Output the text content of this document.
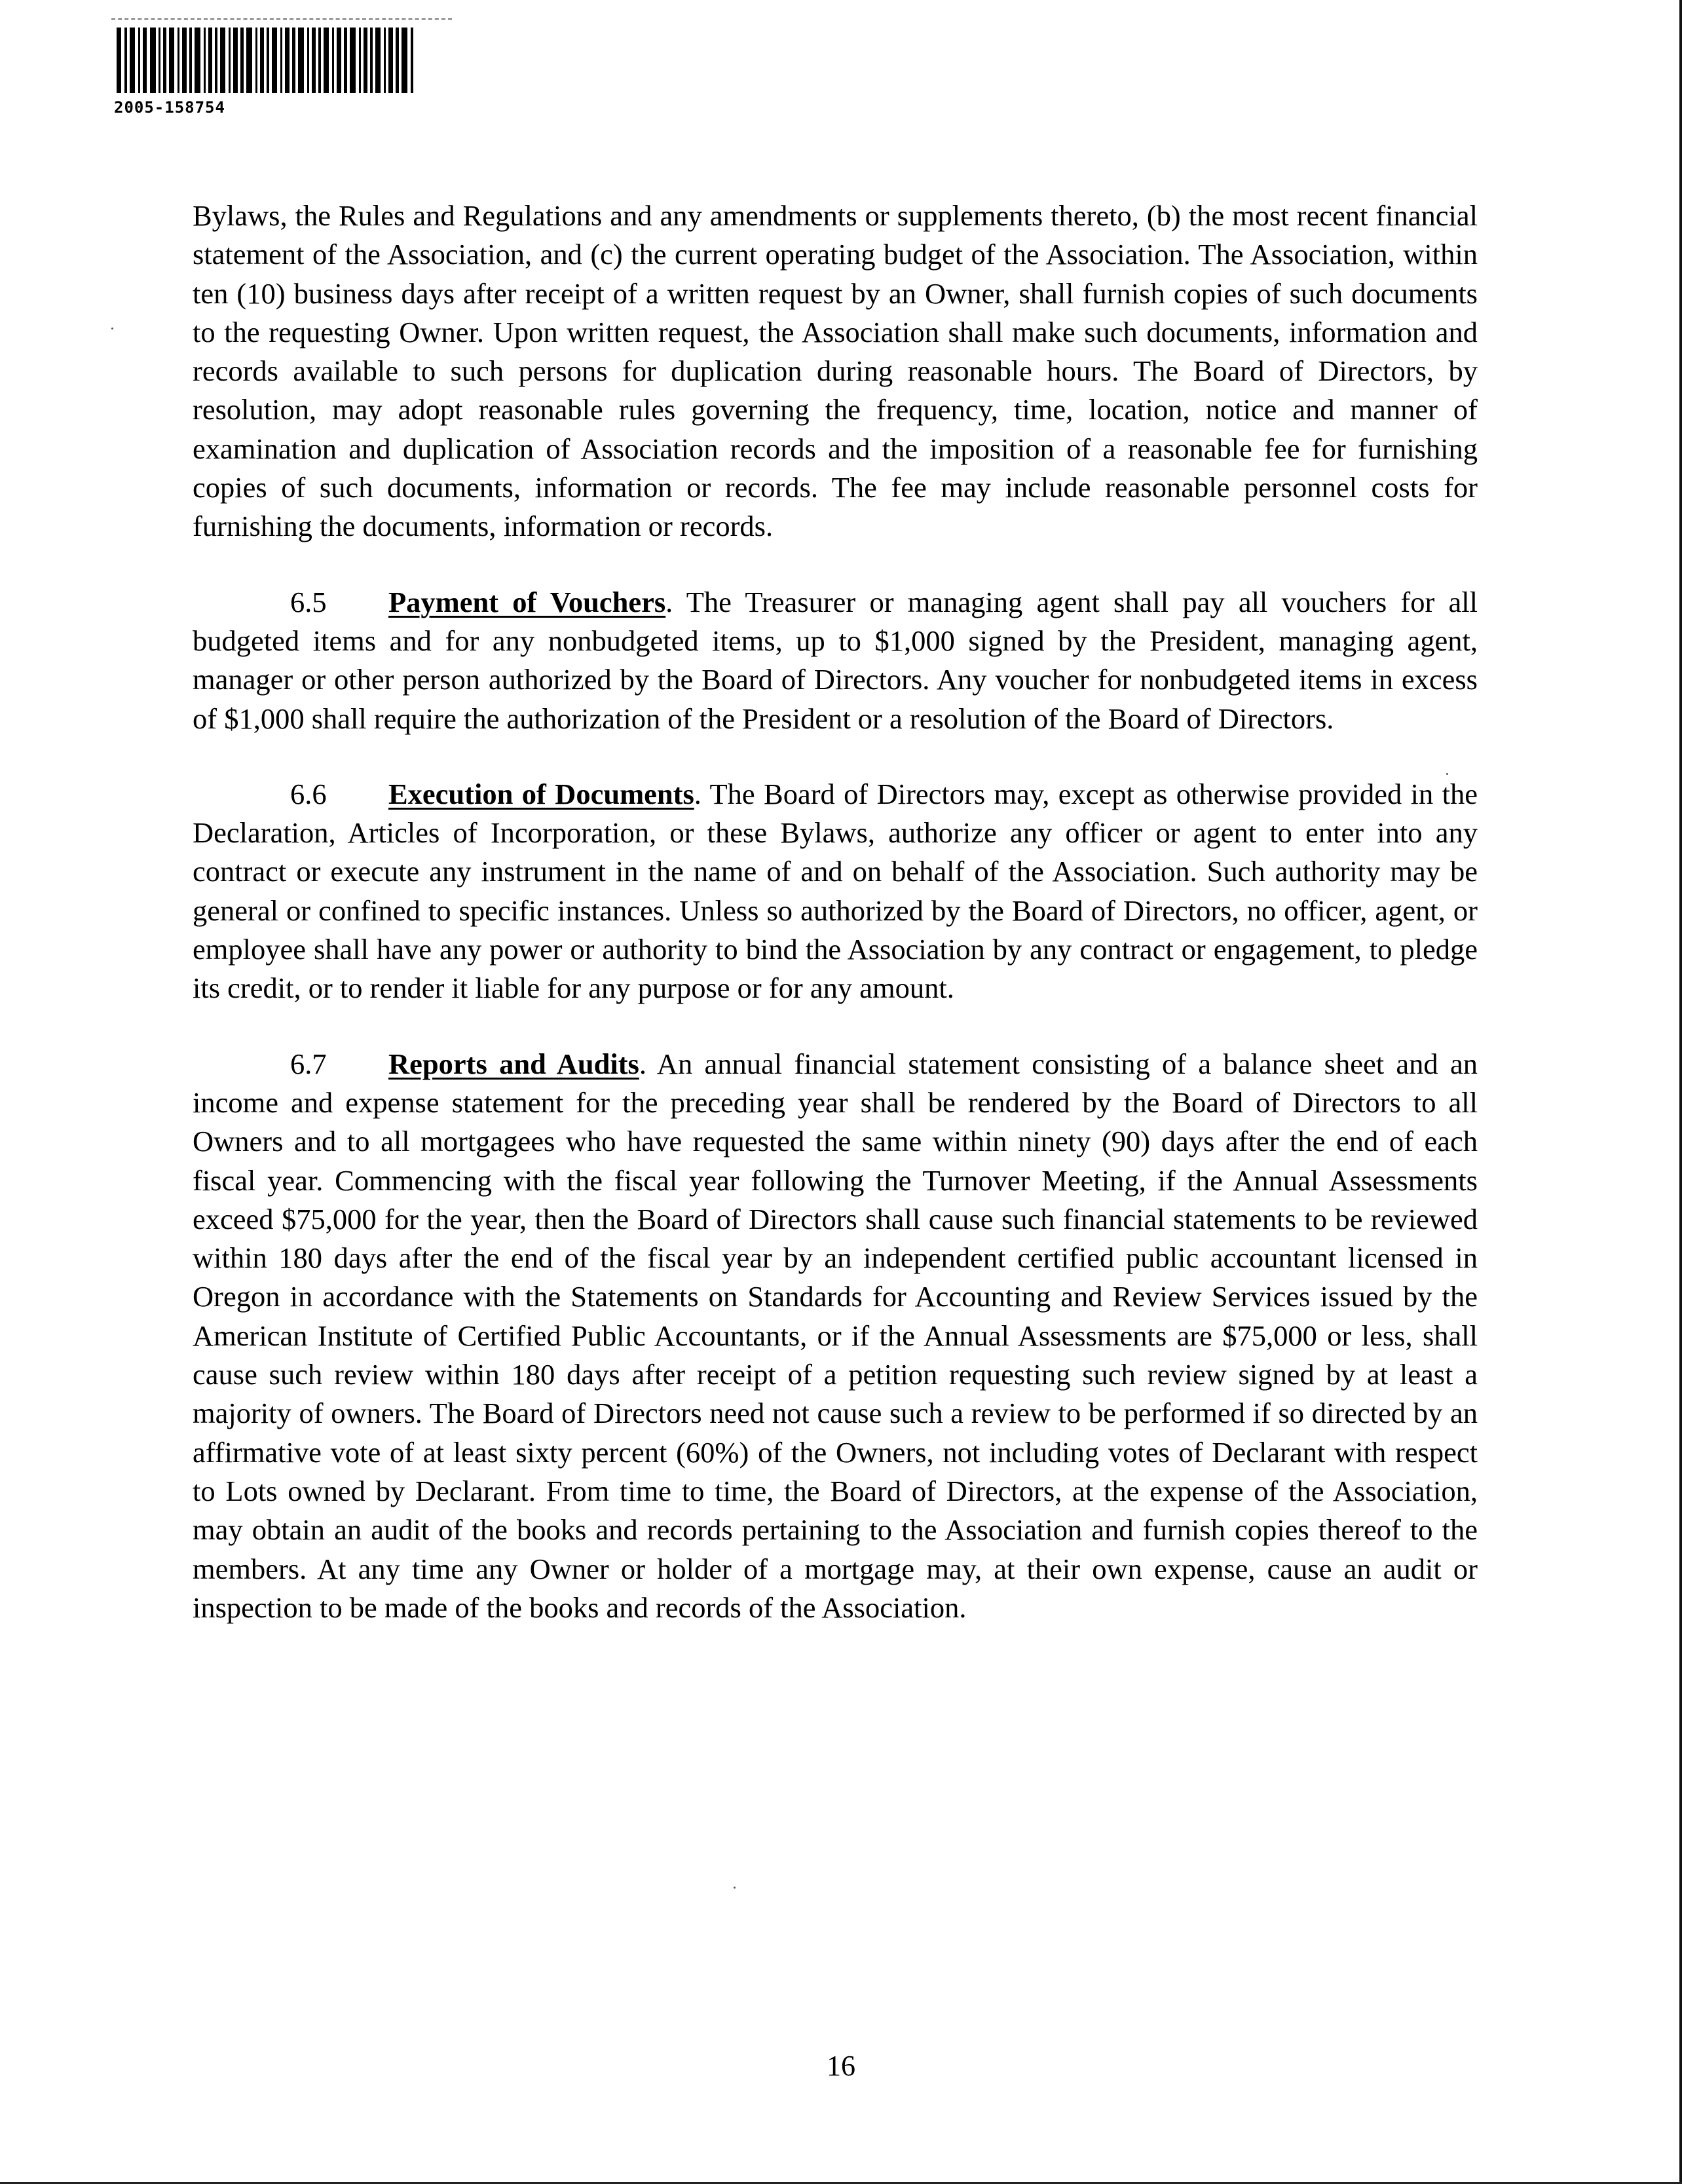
2005-158754

Bylaws, the Rules and Regulations and any amendments or supplements thereto, (b) the most recent financial statement of the Association, and (c) the current operating budget of the Association. The Association, within ten (10) business days after receipt of a written request by an Owner, shall furnish copies of such documents to the requesting Owner. Upon written request, the Association shall make such documents, information and records available to such persons for duplication during reasonable hours. The Board of Directors, by resolution, may adopt reasonable rules governing the frequency, time, location, notice and manner of examination and duplication of Association records and the imposition of a reasonable fee for furnishing copies of such documents, information or records. The fee may include reasonable personnel costs for furnishing the documents, information or records.

6.5 Payment of Vouchers. The Treasurer or managing agent shall pay all vouchers for all budgeted items and for any nonbudgeted items, up to $1,000 signed by the President, managing agent, manager or other person authorized by the Board of Directors. Any voucher for nonbudgeted items in excess of $1,000 shall require the authorization of the President or a resolution of the Board of Directors.

6.6 Execution of Documents. The Board of Directors may, except as otherwise provided in the Declaration, Articles of Incorporation, or these Bylaws, authorize any officer or agent to enter into any contract or execute any instrument in the name of and on behalf of the Association. Such authority may be general or confined to specific instances. Unless so authorized by the Board of Directors, no officer, agent, or employee shall have any power or authority to bind the Association by any contract or engagement, to pledge its credit, or to render it liable for any purpose or for any amount.

6.7 Reports and Audits. An annual financial statement consisting of a balance sheet and an income and expense statement for the preceding year shall be rendered by the Board of Directors to all Owners and to all mortgagees who have requested the same within ninety (90) days after the end of each fiscal year. Commencing with the fiscal year following the Turnover Meeting, if the Annual Assessments exceed $75,000 for the year, then the Board of Directors shall cause such financial statements to be reviewed within 180 days after the end of the fiscal year by an independent certified public accountant licensed in Oregon in accordance with the Statements on Standards for Accounting and Review Services issued by the American Institute of Certified Public Accountants, or if the Annual Assessments are $75,000 or less, shall cause such review within 180 days after receipt of a petition requesting such review signed by at least a majority of owners. The Board of Directors need not cause such a review to be performed if so directed by an affirmative vote of at least sixty percent (60%) of the Owners, not including votes of Declarant with respect to Lots owned by Declarant. From time to time, the Board of Directors, at the expense of the Association, may obtain an audit of the books and records pertaining to the Association and furnish copies thereof to the members. At any time any Owner or holder of a mortgage may, at their own expense, cause an audit or inspection to be made of the books and records of the Association.

16
